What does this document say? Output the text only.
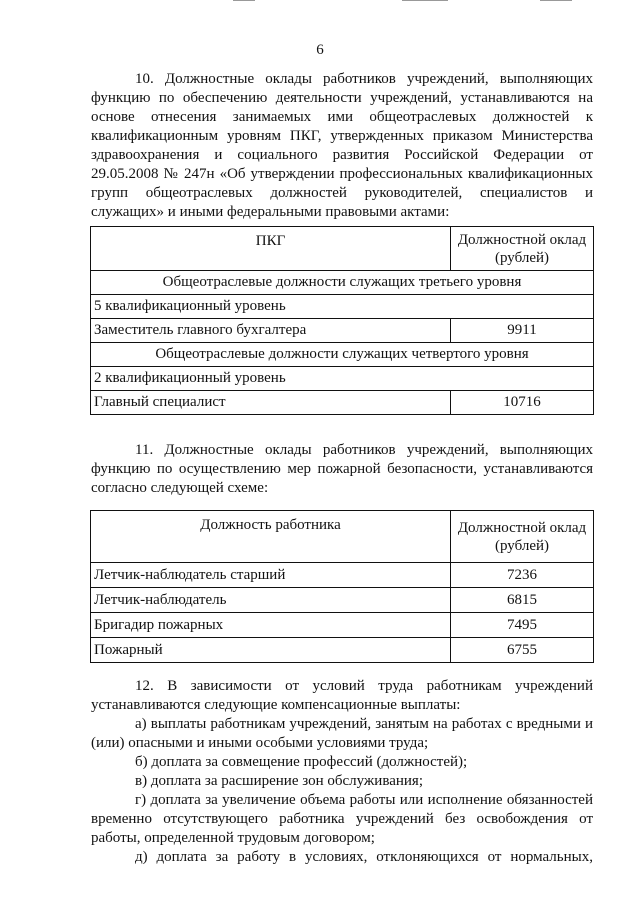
6

10. Должностные оклады работников учреждений, выполняющих функцию по обеспечению деятельности учреждений, устанавливаются на основе отнесения занимаемых ими общеотраслевых должностей к квалификационным уровням ПКГ, утвержденных приказом Министерства здравоохранения и социального развития Российской Федерации от 29.05.2008 № 247н «Об утверждении профессиональных квалификационных групп общеотраслевых должностей руководителей, специалистов и служащих» и иными федеральными правовыми актами:

ПКГ	Должностной оклад (рублей)
Общеотраслевые должности служащих третьего уровня	
5 квалификационный уровень	
Заместитель главного бухгалтера	9911
Общеотраслевые должности служащих четвертого уровня	
2 квалификационный уровень	
Главный специалист	10716

11. Должностные оклады работников учреждений, выполняющих функцию по осуществлению мер пожарной безопасности, устанавливаются согласно следующей схеме:

Должность работника	Должностной оклад (рублей)
Летчик-наблюдатель старший	7236
Летчик-наблюдатель	6815
Бригадир пожарных	7495
Пожарный	6755

12. В зависимости от условий труда работникам учреждений устанавливаются следующие компенсационные выплаты:

а) выплаты работникам учреждений, занятым на работах с вредными и (или) опасными и иными особыми условиями труда;

б) доплата за совмещение профессий (должностей);

в) доплата за расширение зон обслуживания;

г) доплата за увеличение объема работы или исполнение обязанностей временно отсутствующего работника учреждений без освобождения от работы, определенной трудовым договором;

д) доплата за работу в условиях, отклоняющихся от нормальных,
